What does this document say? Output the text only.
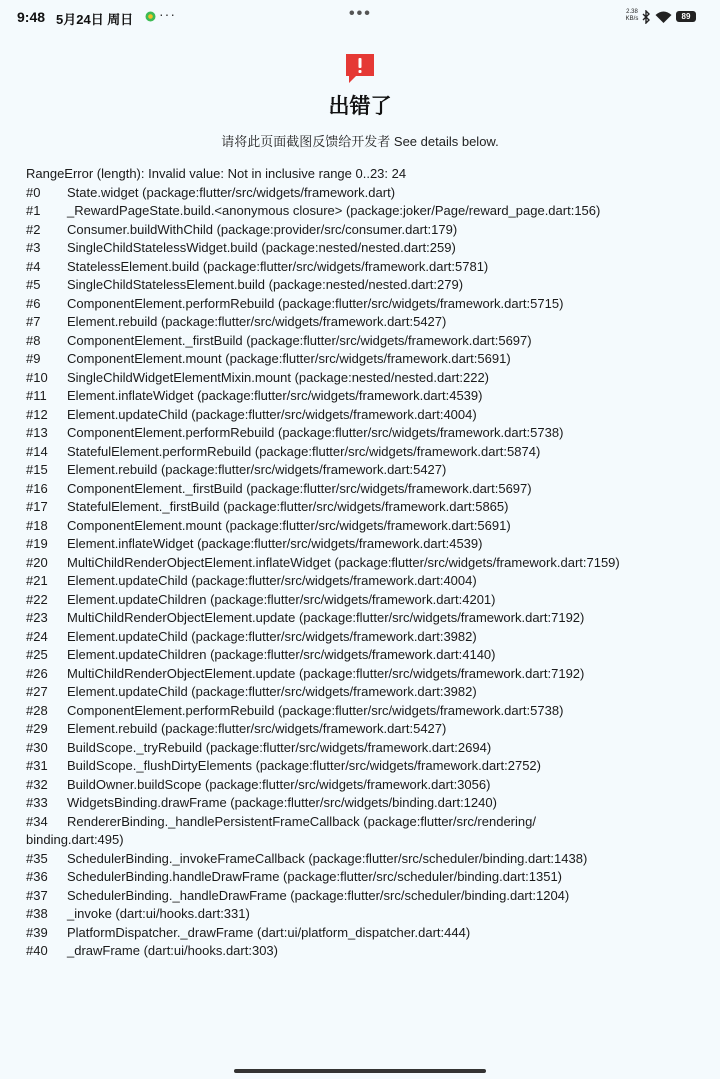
9:48 5月24日 周日 ···	•••	2.38
KB/s	89
出错了
请将此页面截图反馈给开发者 See details below.
RangeError (length): Invalid value: Not in inclusive range 0..23: 24
#0 State.widget (package:flutter/src/widgets/framework.dart)
#1 _RewardPageState.build.<anonymous closure> (package:joker/Page/reward_page.dart:156)
#2 Consumer.buildWithChild (package:provider/src/consumer.dart:179)
#3 SingleChildStatelessWidget.build (package:nested/nested.dart:259)
#4 StatelessElement.build (package:flutter/src/widgets/framework.dart:5781)
#5 SingleChildStatelessElement.build (package:nested/nested.dart:279)
#6 ComponentElement.performRebuild (package:flutter/src/widgets/framework.dart:5715)
#7 Element.rebuild (package:flutter/src/widgets/framework.dart:5427)
#8 ComponentElement._firstBuild (package:flutter/src/widgets/framework.dart:5697)
#9 ComponentElement.mount (package:flutter/src/widgets/framework.dart:5691)
#10 SingleChildWidgetElementMixin.mount (package:nested/nested.dart:222)
#11 Element.inflateWidget (package:flutter/src/widgets/framework.dart:4539)
#12 Element.updateChild (package:flutter/src/widgets/framework.dart:4004)
#13 ComponentElement.performRebuild (package:flutter/src/widgets/framework.dart:5738)
#14 StatefulElement.performRebuild (package:flutter/src/widgets/framework.dart:5874)
#15 Element.rebuild (package:flutter/src/widgets/framework.dart:5427)
#16 ComponentElement._firstBuild (package:flutter/src/widgets/framework.dart:5697)
#17 StatefulElement._firstBuild (package:flutter/src/widgets/framework.dart:5865)
#18 ComponentElement.mount (package:flutter/src/widgets/framework.dart:5691)
#19 Element.inflateWidget (package:flutter/src/widgets/framework.dart:4539)
#20 MultiChildRenderObjectElement.inflateWidget (package:flutter/src/widgets/framework.dart:7159)
#21 Element.updateChild (package:flutter/src/widgets/framework.dart:4004)
#22 Element.updateChildren (package:flutter/src/widgets/framework.dart:4201)
#23 MultiChildRenderObjectElement.update (package:flutter/src/widgets/framework.dart:7192)
#24 Element.updateChild (package:flutter/src/widgets/framework.dart:3982)
#25 Element.updateChildren (package:flutter/src/widgets/framework.dart:4140)
#26 MultiChildRenderObjectElement.update (package:flutter/src/widgets/framework.dart:7192)
#27 Element.updateChild (package:flutter/src/widgets/framework.dart:3982)
#28 ComponentElement.performRebuild (package:flutter/src/widgets/framework.dart:5738)
#29 Element.rebuild (package:flutter/src/widgets/framework.dart:5427)
#30 BuildScope._tryRebuild (package:flutter/src/widgets/framework.dart:2694)
#31 BuildScope._flushDirtyElements (package:flutter/src/widgets/framework.dart:2752)
#32 BuildOwner.buildScope (package:flutter/src/widgets/framework.dart:3056)
#33 WidgetsBinding.drawFrame (package:flutter/src/widgets/binding.dart:1240)
#34 RendererBinding._handlePersistentFrameCallback (package:flutter/src/rendering/
binding.dart:495)
#35 SchedulerBinding._invokeFrameCallback (package:flutter/src/scheduler/binding.dart:1438)
#36 SchedulerBinding.handleDrawFrame (package:flutter/src/scheduler/binding.dart:1351)
#37 SchedulerBinding._handleDrawFrame (package:flutter/src/scheduler/binding.dart:1204)
#38 _invoke (dart:ui/hooks.dart:331)
#39 PlatformDispatcher._drawFrame (dart:ui/platform_dispatcher.dart:444)
#40 _drawFrame (dart:ui/hooks.dart:303)
